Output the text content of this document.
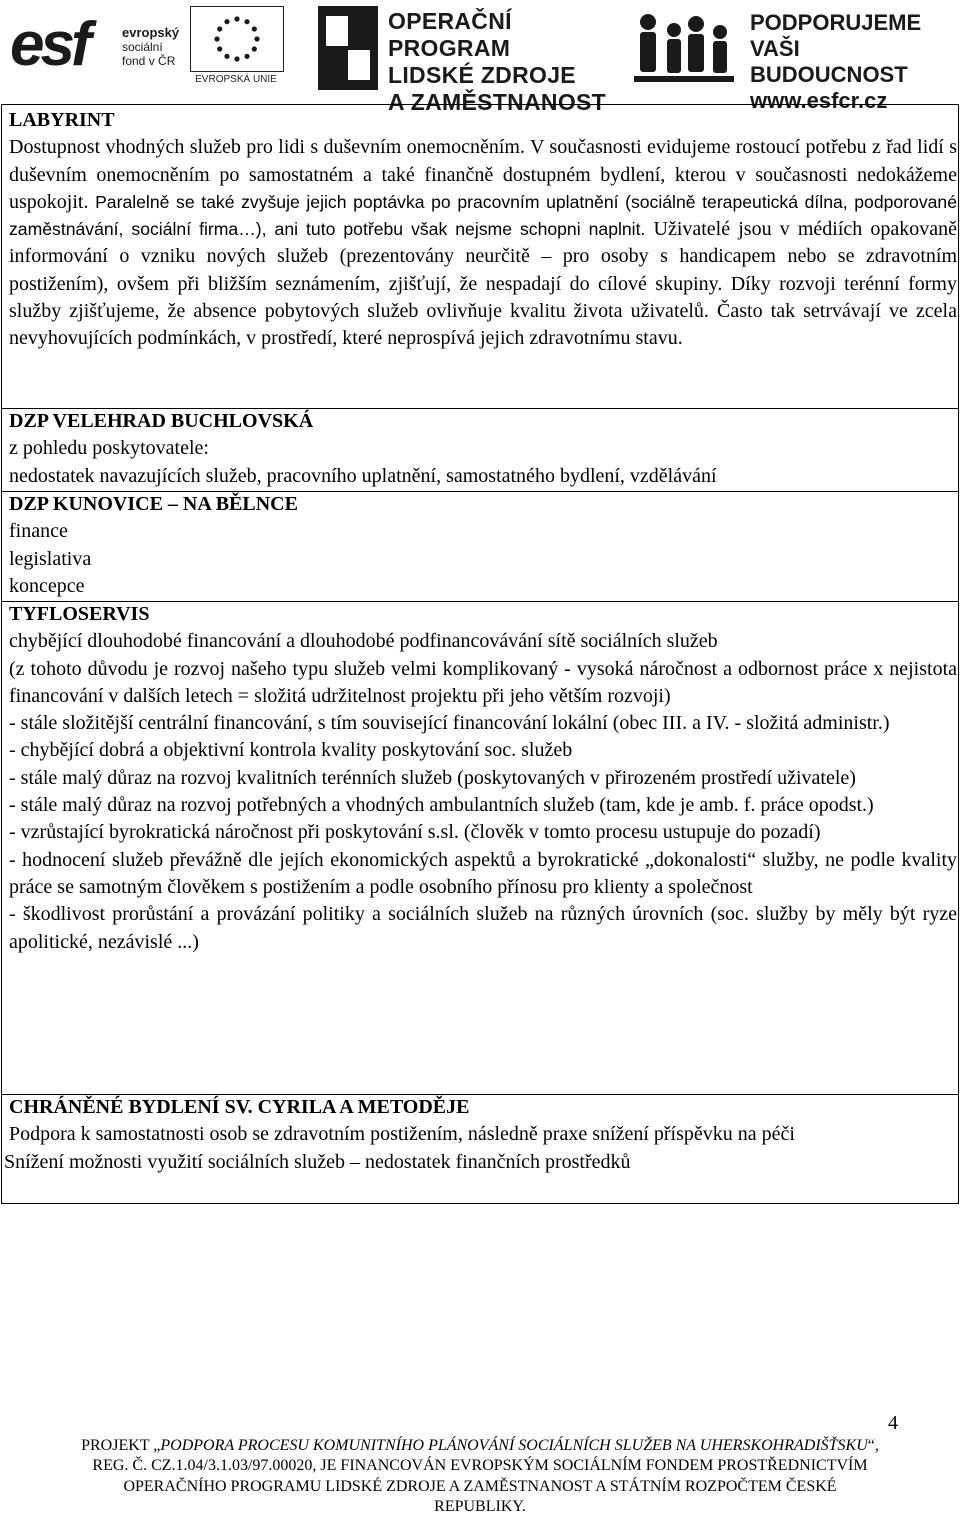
esf	evropský
sociální
fond v ČR
EVROPSKÁ UNIE
OPERAČNÍ PROGRAM
LIDSKÉ ZDROJE
A ZAMĚSTNANOST
PODPORUJEME
VAŠI BUDOUCNOST
www.esfcr.cz
LABYRINT

Dostupnost vhodných služeb pro lidi s duševním onemocněním. V současnosti evidujeme rostoucí potřebu z řad lidí s duševním onemocněním po samostatném a také finančně dostupném bydlení, kterou v současnosti nedokážeme uspokojit. Paralelně se také zvyšuje jejich poptávka po pracovním uplatnění (sociálně terapeutická dílna, podporované zaměstnávání, sociální firma…), ani tuto potřebu však nejsme schopni naplnit. Uživatelé jsou v médiích opakovaně informování o vzniku nových služeb (prezentovány neurčitě – pro osoby s handicapem nebo se zdravotním postižením), ovšem při bližším seznámením, zjišťují, že nespadají do cílové skupiny. Díky rozvoji terénní formy služby zjišťujeme, že absence pobytových služeb ovlivňuje kvalitu života uživatelů. Často tak setrvávají ve zcela nevyhovujících podmínkách, v prostředí, které neprospívá jejich zdravotnímu stavu.

DZP VELEHRAD BUCHLOVSKÁ
z pohledu poskytovatele:
nedostatek navazujících služeb, pracovního uplatnění, samostatného bydlení, vzdělávání
DZP KUNOVICE – NA BĚLNCE
finance
legislativa
koncepce
TYFLOSERVIS

chybějící dlouhodobé financování a dlouhodobé podfinancovávání sítě sociálních služeb

(z tohoto důvodu je rozvoj našeho typu služeb velmi komplikovaný - vysoká náročnost a odbornost práce x nejistota financování v dalších letech = složitá udržitelnost projektu při jeho větším rozvoji)

- stále složitější centrální financování, s tím související financování lokální (obec III. a IV. - složitá administr.)

- chybějící dobrá a objektivní kontrola kvality poskytování soc. služeb

- stále malý důraz na rozvoj kvalitních terénních služeb (poskytovaných v přirozeném prostředí uživatele)

- stále malý důraz na rozvoj potřebných a vhodných ambulantních služeb (tam, kde je amb. f. práce opodst.)

- vzrůstající byrokratická náročnost při poskytování s.sl. (člověk v tomto procesu ustupuje do pozadí)

- hodnocení služeb převážně dle jejích ekonomických aspektů a byrokratické „dokonalosti“ služby, ne podle kvality práce se samotným člověkem s postižením a podle osobního přínosu pro klienty a společnost

- škodlivost prorůstání a provázání politiky a sociálních služeb na různých úrovních (soc. služby by měly být ryze apolitické, nezávislé ...)

CHRÁNĚNÉ BYDLENÍ SV. CYRILA A METODĚJE
Podpora k samostatnosti osob se zdravotním postižením, následně praxe snížení příspěvku na péči
Snížení možnosti využití sociálních služeb – nedostatek finančních prostředků
4
PROJEKT „PODPORA PROCESU KOMUNITNÍHO PLÁNOVÁNÍ SOCIÁLNÍCH SLUŽEB NA UHERSKOHRADIŠŤSKU“,
REG. Č. CZ.1.04/3.1.03/97.00020, JE FINANCOVÁN EVROPSKÝM SOCIÁLNÍM FONDEM PROSTŘEDNICTVÍM
OPERAČNÍHO PROGRAMU LIDSKÉ ZDROJE A ZAMĚSTNANOST A STÁTNÍM ROZPOČTEM ČESKÉ
REPUBLIKY.
